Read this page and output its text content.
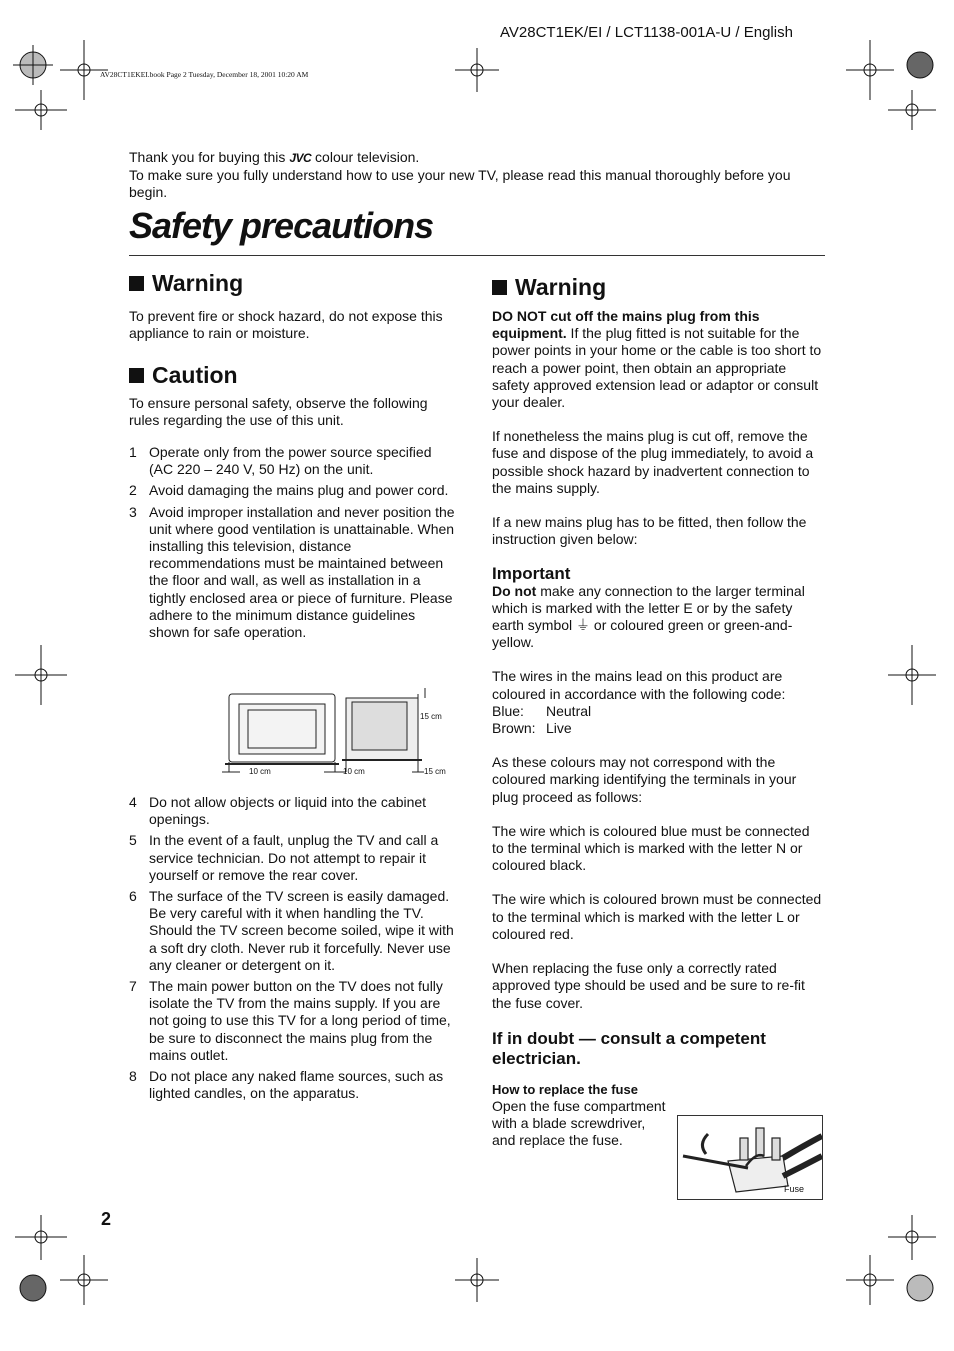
AV28CT1EK/EI / LCT1138-001A-U / English
AV28CT1EKEI.book Page 2 Tuesday, December 18, 2001 10:20 AM

Thank you for buying this JVC colour television.

To make sure you fully understand how to use your new TV, please read this manual thoroughly before you begin.

Safety precautions
Warning
To prevent fire or shock hazard, do not expose this appliance to rain or moisture.
Caution
To ensure personal safety, observe the following rules regarding the use of this unit.
1 Operate only from the power source specified (AC 220 – 240 V, 50 Hz) on the unit.
2 Avoid damaging the mains plug and power cord.
3 Avoid improper installation and never position the unit where good ventilation is unattainable. When installing this television, distance recommendations must be maintained between the floor and wall, as well as installation in a tightly enclosed area or piece of furniture. Please adhere to the minimum distance guidelines shown for safe operation.
10 cm	10 cm	15 cm
15 cm
4 Do not allow objects or liquid into the cabinet openings.
5 In the event of a fault, unplug the TV and call a service technician. Do not attempt to repair it yourself or remove the rear cover.
6 The surface of the TV screen is easily damaged. Be very careful with it when handling the TV. Should the TV screen become soiled, wipe it with a soft dry cloth. Never rub it forcefully. Never use any cleaner or detergent on it.
7 The main power button on the TV does not fully isolate the TV from the mains supply. If you are not going to use this TV for a long period of time, be sure to disconnect the mains plug from the mains outlet.
8 Do not place any naked flame sources, such as lighted candles, on the apparatus.
Warning

DO NOT cut off the mains plug from this equipment. If the plug fitted is not suitable for the power points in your home or the cable is too short to reach a power point, then obtain an appropriate safety approved extension lead or adaptor or consult your dealer.

If nonetheless the mains plug is cut off, remove the fuse and dispose of the plug immediately, to avoid a possible shock hazard by inadvertent connection to the mains supply.

If a new mains plug has to be fitted, then follow the instruction given below:

Important

Do not make any connection to the larger terminal which is marked with the letter E or by the safety earth symbol ⏚ or coloured green or green-and-yellow.

The wires in the mains lead on this product are coloured in accordance with the following code:

Blue: Neutral

Brown: Live

As these colours may not correspond with the coloured marking identifying the terminals in your plug proceed as follows:

The wire which is coloured blue must be connected to the terminal which is marked with the letter N or coloured black.

The wire which is coloured brown must be connected to the terminal which is marked with the letter L or coloured red.

When replacing the fuse only a correctly rated approved type should be used and be sure to re-fit the fuse cover.

If in doubt — consult a competent electrician.
How to replace the fuse

Open the fuse compartment with a blade screwdriver, and replace the fuse.

Fuse
2
